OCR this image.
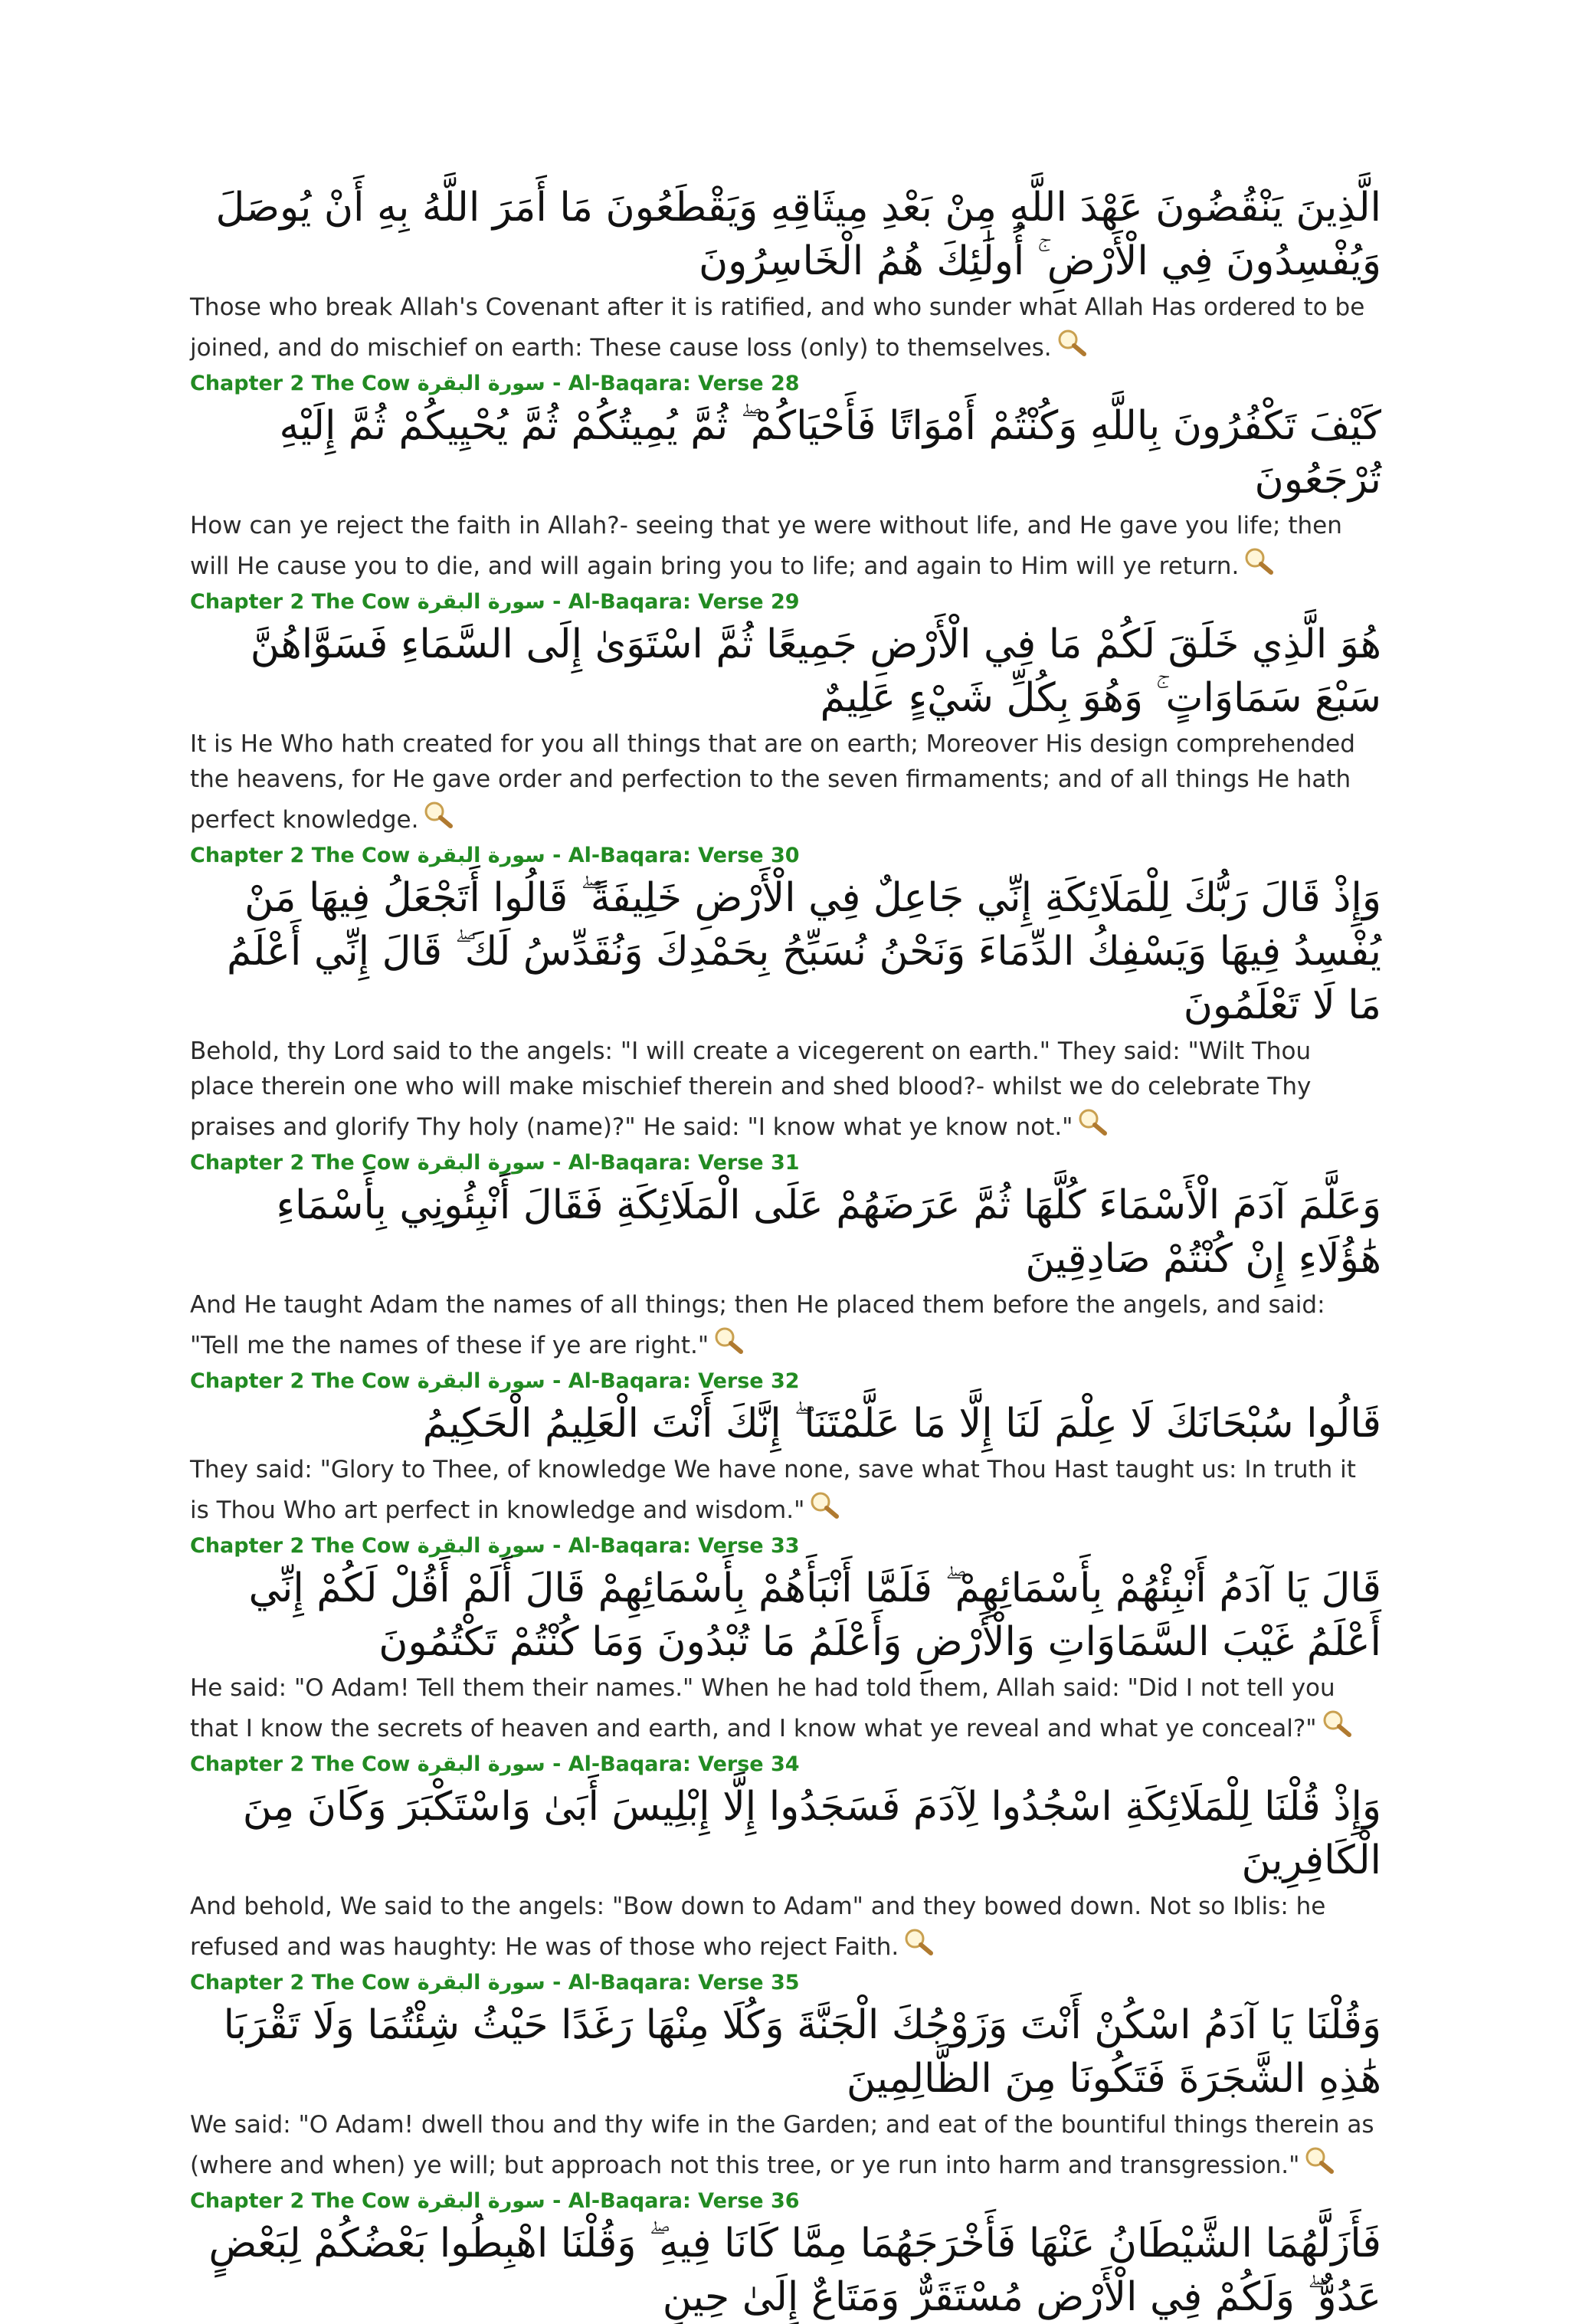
الَّذِينَ يَنْقُضُونَ عَهْدَ اللَّهِ مِنْ بَعْدِ مِيثَاقِهِ وَيَقْطَعُونَ مَا أَمَرَ اللَّهُ بِهِ أَنْ يُوصَلَ وَيُفْسِدُونَ فِي الْأَرْضِ ۚ أُولَٰئِكَ هُمُ الْخَاسِرُونَ

Those who break Allah's Covenant after it is ratified, and who sunder what Allah Has ordered to be joined, and do mischief on earth: These cause loss (only) to themselves.

Chapter 2 The Cow سورة البقرة - Al-Baqara: Verse 28

كَيْفَ تَكْفُرُونَ بِاللَّهِ وَكُنْتُمْ أَمْوَاتًا فَأَحْيَاكُمْ ۖ ثُمَّ يُمِيتُكُمْ ثُمَّ يُحْيِيكُمْ ثُمَّ إِلَيْهِ تُرْجَعُونَ

How can ye reject the faith in Allah?- seeing that ye were without life, and He gave you life; then will He cause you to die, and will again bring you to life; and again to Him will ye return.

Chapter 2 The Cow سورة البقرة - Al-Baqara: Verse 29

هُوَ الَّذِي خَلَقَ لَكُمْ مَا فِي الْأَرْضِ جَمِيعًا ثُمَّ اسْتَوَىٰ إِلَى السَّمَاءِ فَسَوَّاهُنَّ سَبْعَ سَمَاوَاتٍ ۚ وَهُوَ بِكُلِّ شَيْءٍ عَلِيمٌ

It is He Who hath created for you all things that are on earth; Moreover His design comprehended the heavens, for He gave order and perfection to the seven firmaments; and of all things He hath perfect knowledge.

Chapter 2 The Cow سورة البقرة - Al-Baqara: Verse 30

وَإِذْ قَالَ رَبُّكَ لِلْمَلَائِكَةِ إِنِّي جَاعِلٌ فِي الْأَرْضِ خَلِيفَةً ۖ قَالُوا أَتَجْعَلُ فِيهَا مَنْ يُفْسِدُ فِيهَا وَيَسْفِكُ الدِّمَاءَ وَنَحْنُ نُسَبِّحُ بِحَمْدِكَ وَنُقَدِّسُ لَكَ ۖ قَالَ إِنِّي أَعْلَمُ مَا لَا تَعْلَمُونَ

Behold, thy Lord said to the angels: "I will create a vicegerent on earth." They said: "Wilt Thou place therein one who will make mischief therein and shed blood?- whilst we do celebrate Thy praises and glorify Thy holy (name)?" He said: "I know what ye know not."

Chapter 2 The Cow سورة البقرة - Al-Baqara: Verse 31

وَعَلَّمَ آدَمَ الْأَسْمَاءَ كُلَّهَا ثُمَّ عَرَضَهُمْ عَلَى الْمَلَائِكَةِ فَقَالَ أَنْبِئُونِي بِأَسْمَاءِ هَٰؤُلَاءِ إِنْ كُنْتُمْ صَادِقِينَ

And He taught Adam the names of all things; then He placed them before the angels, and said: "Tell me the names of these if ye are right."

Chapter 2 The Cow سورة البقرة - Al-Baqara: Verse 32

قَالُوا سُبْحَانَكَ لَا عِلْمَ لَنَا إِلَّا مَا عَلَّمْتَنَا ۖ إِنَّكَ أَنْتَ الْعَلِيمُ الْحَكِيمُ

They said: "Glory to Thee, of knowledge We have none, save what Thou Hast taught us: In truth it is Thou Who art perfect in knowledge and wisdom."

Chapter 2 The Cow سورة البقرة - Al-Baqara: Verse 33

قَالَ يَا آدَمُ أَنْبِئْهُمْ بِأَسْمَائِهِمْ ۖ فَلَمَّا أَنْبَأَهُمْ بِأَسْمَائِهِمْ قَالَ أَلَمْ أَقُلْ لَكُمْ إِنِّي أَعْلَمُ غَيْبَ السَّمَاوَاتِ وَالْأَرْضِ وَأَعْلَمُ مَا تُبْدُونَ وَمَا كُنْتُمْ تَكْتُمُونَ

He said: "O Adam! Tell them their names." When he had told them, Allah said: "Did I not tell you that I know the secrets of heaven and earth, and I know what ye reveal and what ye conceal?"

Chapter 2 The Cow سورة البقرة - Al-Baqara: Verse 34

وَإِذْ قُلْنَا لِلْمَلَائِكَةِ اسْجُدُوا لِآدَمَ فَسَجَدُوا إِلَّا إِبْلِيسَ أَبَىٰ وَاسْتَكْبَرَ وَكَانَ مِنَ الْكَافِرِينَ

And behold, We said to the angels: "Bow down to Adam" and they bowed down. Not so Iblis: he refused and was haughty: He was of those who reject Faith.

Chapter 2 The Cow سورة البقرة - Al-Baqara: Verse 35

وَقُلْنَا يَا آدَمُ اسْكُنْ أَنْتَ وَزَوْجُكَ الْجَنَّةَ وَكُلَا مِنْهَا رَغَدًا حَيْثُ شِئْتُمَا وَلَا تَقْرَبَا هَٰذِهِ الشَّجَرَةَ فَتَكُونَا مِنَ الظَّالِمِينَ

We said: "O Adam! dwell thou and thy wife in the Garden; and eat of the bountiful things therein as (where and when) ye will; but approach not this tree, or ye run into harm and transgression."

Chapter 2 The Cow سورة البقرة - Al-Baqara: Verse 36

فَأَزَلَّهُمَا الشَّيْطَانُ عَنْهَا فَأَخْرَجَهُمَا مِمَّا كَانَا فِيهِ ۖ وَقُلْنَا اهْبِطُوا بَعْضُكُمْ لِبَعْضٍ عَدُوٌّ ۖ وَلَكُمْ فِي الْأَرْضِ مُسْتَقَرٌّ وَمَتَاعٌ إِلَىٰ حِينٍ
